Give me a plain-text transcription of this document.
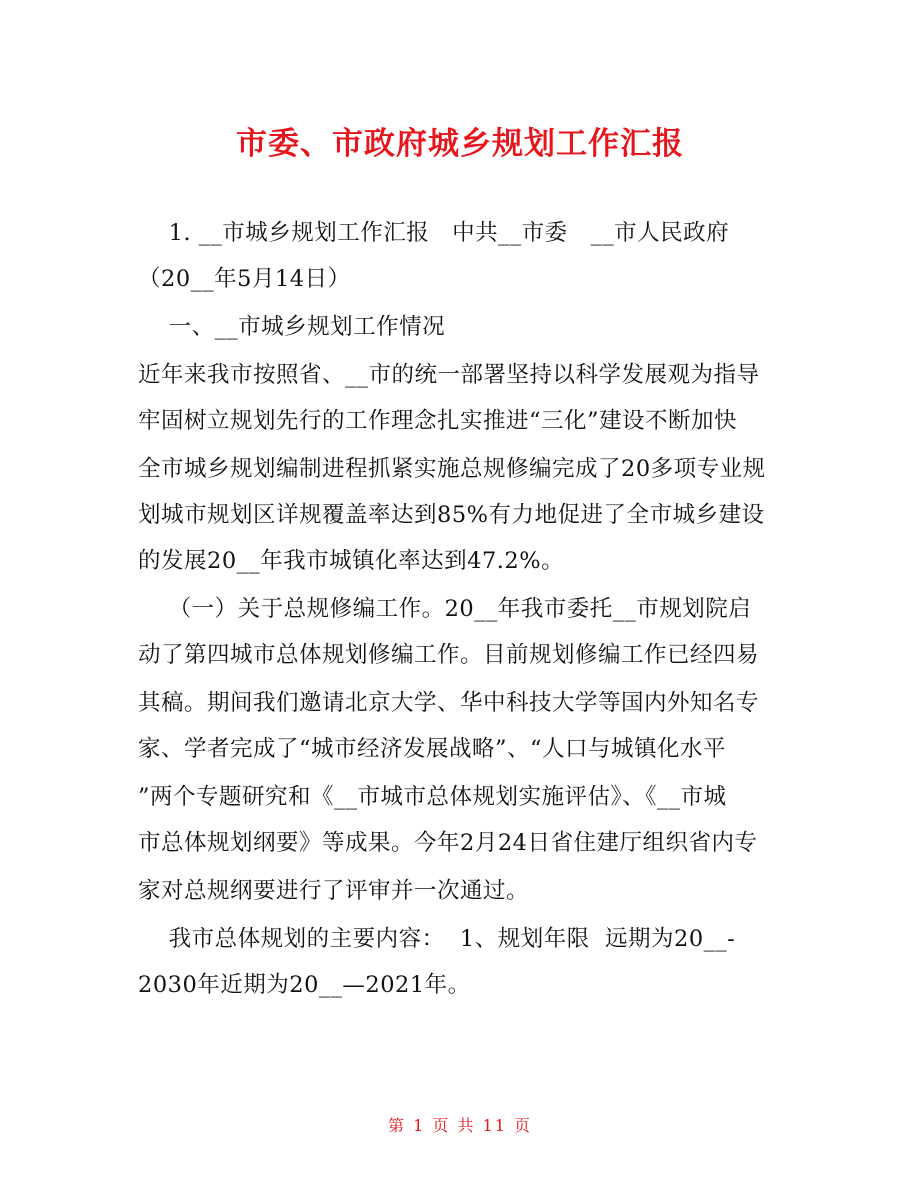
市委、市政府城乡规划工作汇报
1. __市城乡规划工作汇报   中共__市委   __市人民政府
（20__年5月14日）
一、__市城乡规划工作情况
近年来我市按照省、__市的统一部署坚持以科学发展观为指导
牢固树立规划先行的工作理念扎实推进“三化”建设不断加快
全市城乡规划编制进程抓紧实施总规修编完成了20多项专业规
划城市规划区详规覆盖率达到85%有力地促进了全市城乡建设
的发展20__年我市城镇化率达到47.2%。
（一）关于总规修编工作。20__年我市委托__市规划院启
动了第四城市总体规划修编工作。目前规划修编工作已经四易
其稿。期间我们邀请北京大学、华中科技大学等国内外知名专
家、学者完成了“城市经济发展战略”、“人口与城镇化水平
”两个专题研究和《__市城市总体规划实施评估》、《__市城
市总体规划纲要》等成果。今年2月24日省住建厅组织省内专
家对总规纲要进行了评审并一次通过。
我市总体规划的主要内容：  1、规划年限  远期为20__-
2030年近期为20__—2021年。
第 1 页 共 11 页
